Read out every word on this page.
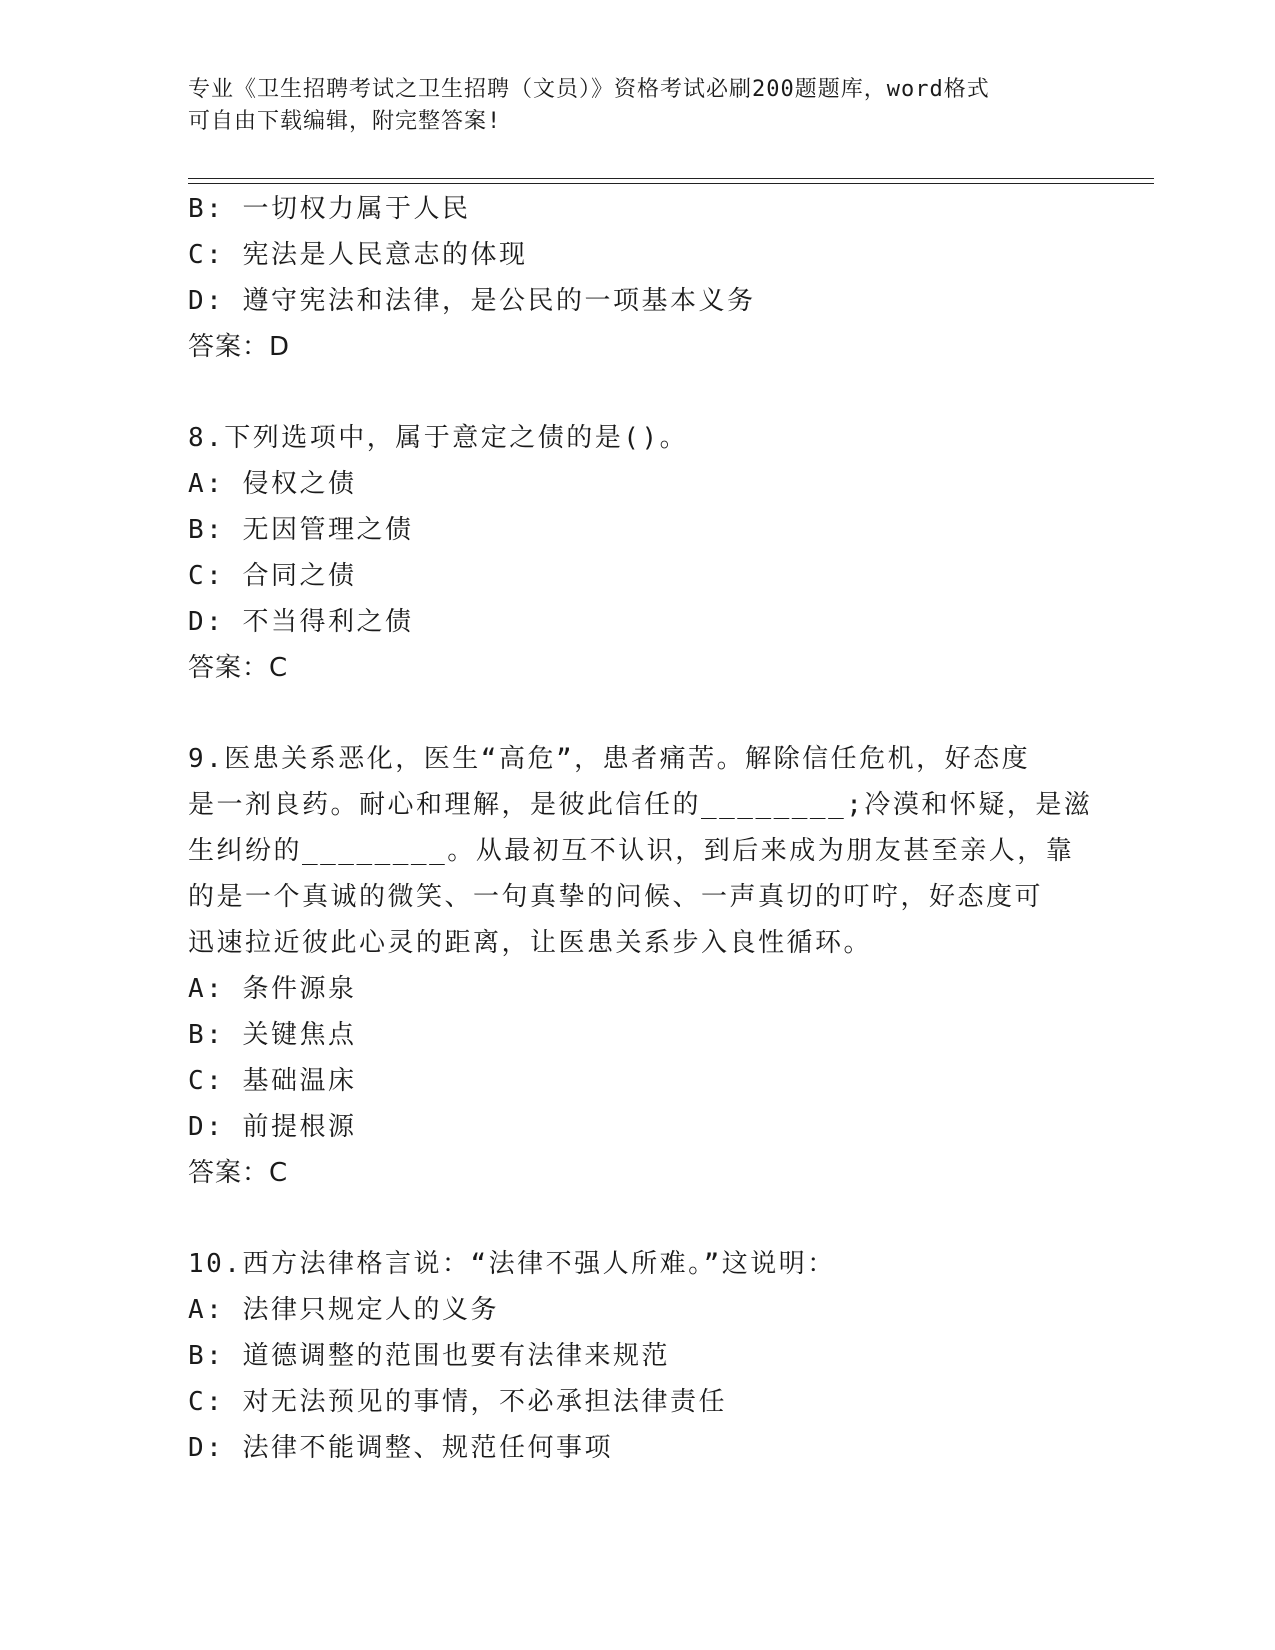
专业《卫生招聘考试之卫生招聘（文员）》资格考试必刷200题题库，word格式
可自由下载编辑，附完整答案!
B: 一切权力属于人民
C: 宪法是人民意志的体现
D: 遵守宪法和法律，是公民的一项基本义务
答案：D
8.下列选项中，属于意定之债的是()。
A: 侵权之债
B: 无因管理之债
C: 合同之债
D: 不当得利之债
答案：C
9.医患关系恶化，医生“高危”，患者痛苦。解除信任危机，好态度
是一剂良药。耐心和理解，是彼此信任的________;冷漠和怀疑，是滋
生纠纷的________。从最初互不认识，到后来成为朋友甚至亲人，靠
的是一个真诚的微笑、一句真挚的问候、一声真切的叮咛，好态度可
迅速拉近彼此心灵的距离，让医患关系步入良性循环。
A: 条件源泉
B: 关键焦点
C: 基础温床
D: 前提根源
答案：C
10.西方法律格言说：“法律不强人所难。”这说明：
A: 法律只规定人的义务
B: 道德调整的范围也要有法律来规范
C: 对无法预见的事情，不必承担法律责任
D: 法律不能调整、规范任何事项
